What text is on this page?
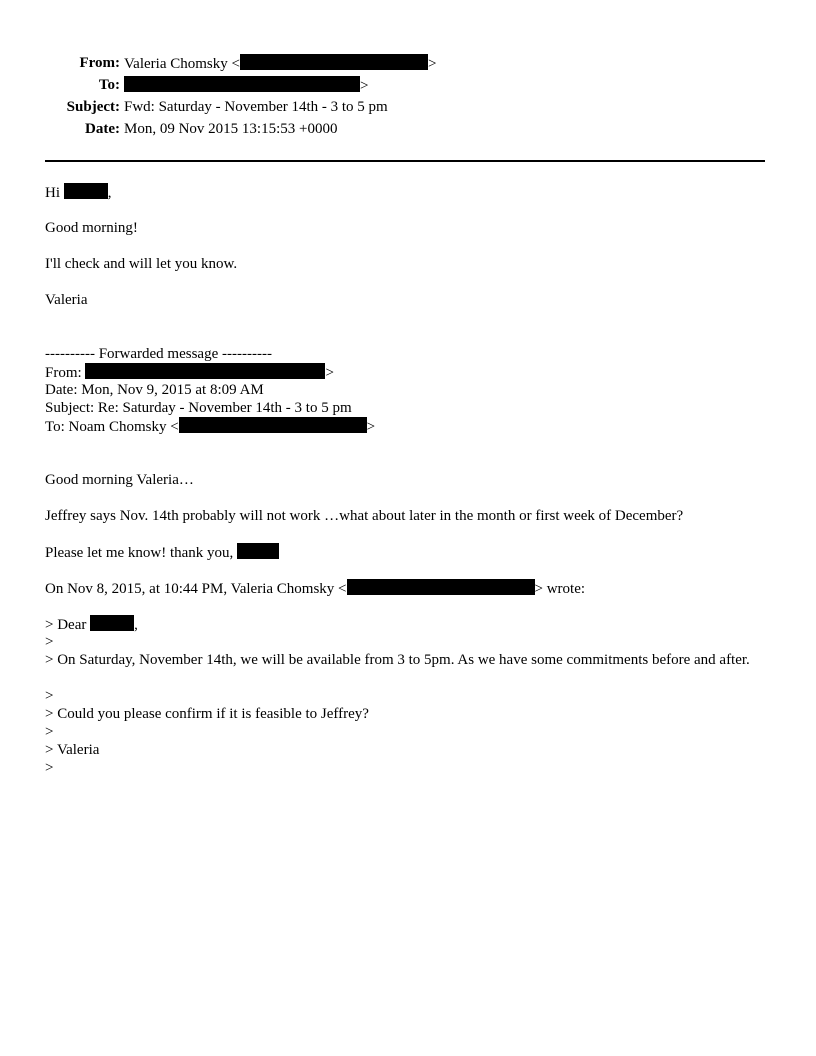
From: Valeria Chomsky <	>
To:	>
Subject: Fwd: Saturday - November 14th - 3 to 5 pm
Date: Mon, 09 Nov 2015 13:15:53 +0000
Hi	,
Good morning!
I'll check and will let you know.
Valeria
---------- Forwarded message ----------
From:	>
Date: Mon, Nov 9, 2015 at 8:09 AM
Subject: Re: Saturday - November 14th - 3 to 5 pm
To: Noam Chomsky <	>
Good morning Valeria…
Jeffrey says Nov. 14th probably will not work …what about later in the month or first week of December?
Please let me know! thank you,
On Nov 8, 2015, at 10:44 PM, Valeria Chomsky <	> wrote:
> Dear	,
>
> On Saturday, November 14th, we will be available from 3 to 5pm. As we have some commitments before and after.
>
> Could you please confirm if it is feasible to Jeffrey?
>
> Valeria
>
